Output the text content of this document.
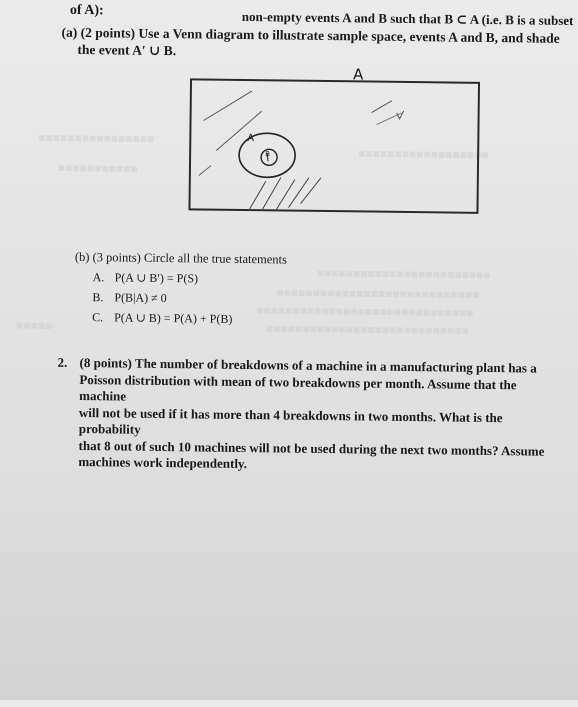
■■■■■■■■■■■■■■■■
■■■■■■■■■■■■■■■■■■
■■■■■■■■■■■
■■■■■■■■■■■■■■■■■■■■■■■■
■■■■■■■■■■■■■■■■■■■■■■■■■■■■
■■■■■■■■■■■■■■■■■■■■■■■■■■■■■■
■■■■■■■■■■■■■■■■■■■■■■■■■■■■
■■■■■
of A):	non-empty events A and B such that B ⊂ A (i.e. B is a subset
(a) (2 points) Use a Venn diagram to illustrate sample space, events A and B, and shade
the event A′ ∪ B.
A
A
B
(b) (3 points) Circle all the true statements
A. P(A ∪ B′) = P(S)
B. P(B|A) ≠ 0
C. P(A ∪ B) = P(A) + P(B)
2. (8 points) The number of breakdowns of a machine in a manufacturing plant has a
Poisson distribution with mean of two breakdowns per month. Assume that the machine
will not be used if it has more than 4 breakdowns in two months. What is the probability
that 8 out of such 10 machines will not be used during the next two months? Assume
machines work independently.
